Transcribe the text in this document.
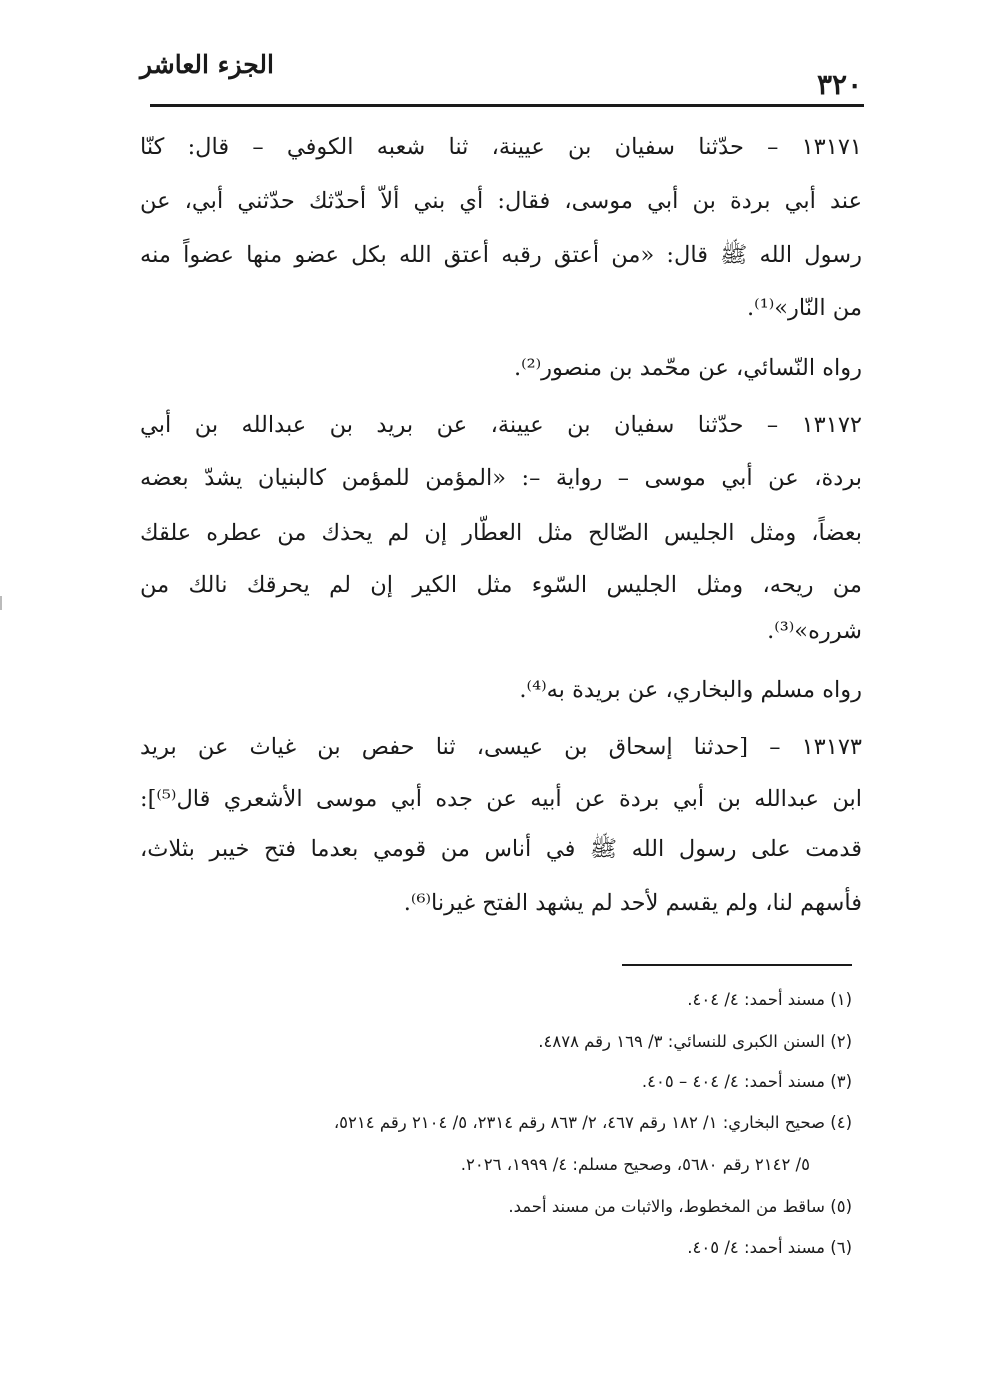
الجزء العاشر
٣٢٠
١٣١٧١ – حدّثنا سفيان بن عيينة، ثنا شعبه الكوفي – قال: كنّا
عند أبي بردة بن أبي موسى، فقال: أي بني ألاّ أحدّثك حدّثني أبي، عن
رسول الله ﷺ قال: «من أعتق رقبه أعتق الله بكل عضو منها عضواً منه
من النّار»⁽¹⁾.
رواه النّسائي، عن محّمد بن منصور⁽²⁾.
١٣١٧٢ – حدّثنا سفيان بن عيينة، عن بريد بن عبدالله بن أبي
بردة، عن أبي موسى – رواية –: «المؤمن للمؤمن كالبنيان يشدّ بعضه
بعضاً، ومثل الجليس الصّالح مثل العطّار إن لم يحذك من عطره علقك
من ريحه، ومثل الجليس السّوء مثل الكير إن لم يحرقك نالك من
شرره»⁽³⁾.
رواه مسلم والبخاري، عن بريدة به⁽⁴⁾.
١٣١٧٣ – [حدثنا إسحاق بن عيسى، ثنا حفص بن غياث عن بريد
ابن عبدالله بن أبي بردة عن أبيه عن جده أبي موسى الأشعري قال⁽⁵⁾]:
قدمت على رسول الله ﷺ في أناس من قومي بعدما فتح خيبر بثلاث،
فأسهم لنا، ولم يقسم لأحد لم يشهد الفتح غيرنا⁽⁶⁾.
(١) مسند أحمد: ٤/ ٤٠٤.
(٢) السنن الكبرى للنسائي: ٣/ ١٦٩ رقم ٤٨٧٨.
(٣) مسند أحمد: ٤/ ٤٠٤ – ٤٠٥.
(٤) صحيح البخاري: ١/ ١٨٢ رقم ٤٦٧، ٢/ ٨٦٣ رقم ٢٣١٤، ٥/ ٢١٠٤ رقم ٥٢١٤،
٥/ ٢١٤٢ رقم ٥٦٨٠، وصحيح مسلم: ٤/ ١٩٩٩، ٢٠٢٦.
(٥) ساقط من المخطوط، والاثبات من مسند أحمد.
(٦) مسند أحمد: ٤/ ٤٠٥.
